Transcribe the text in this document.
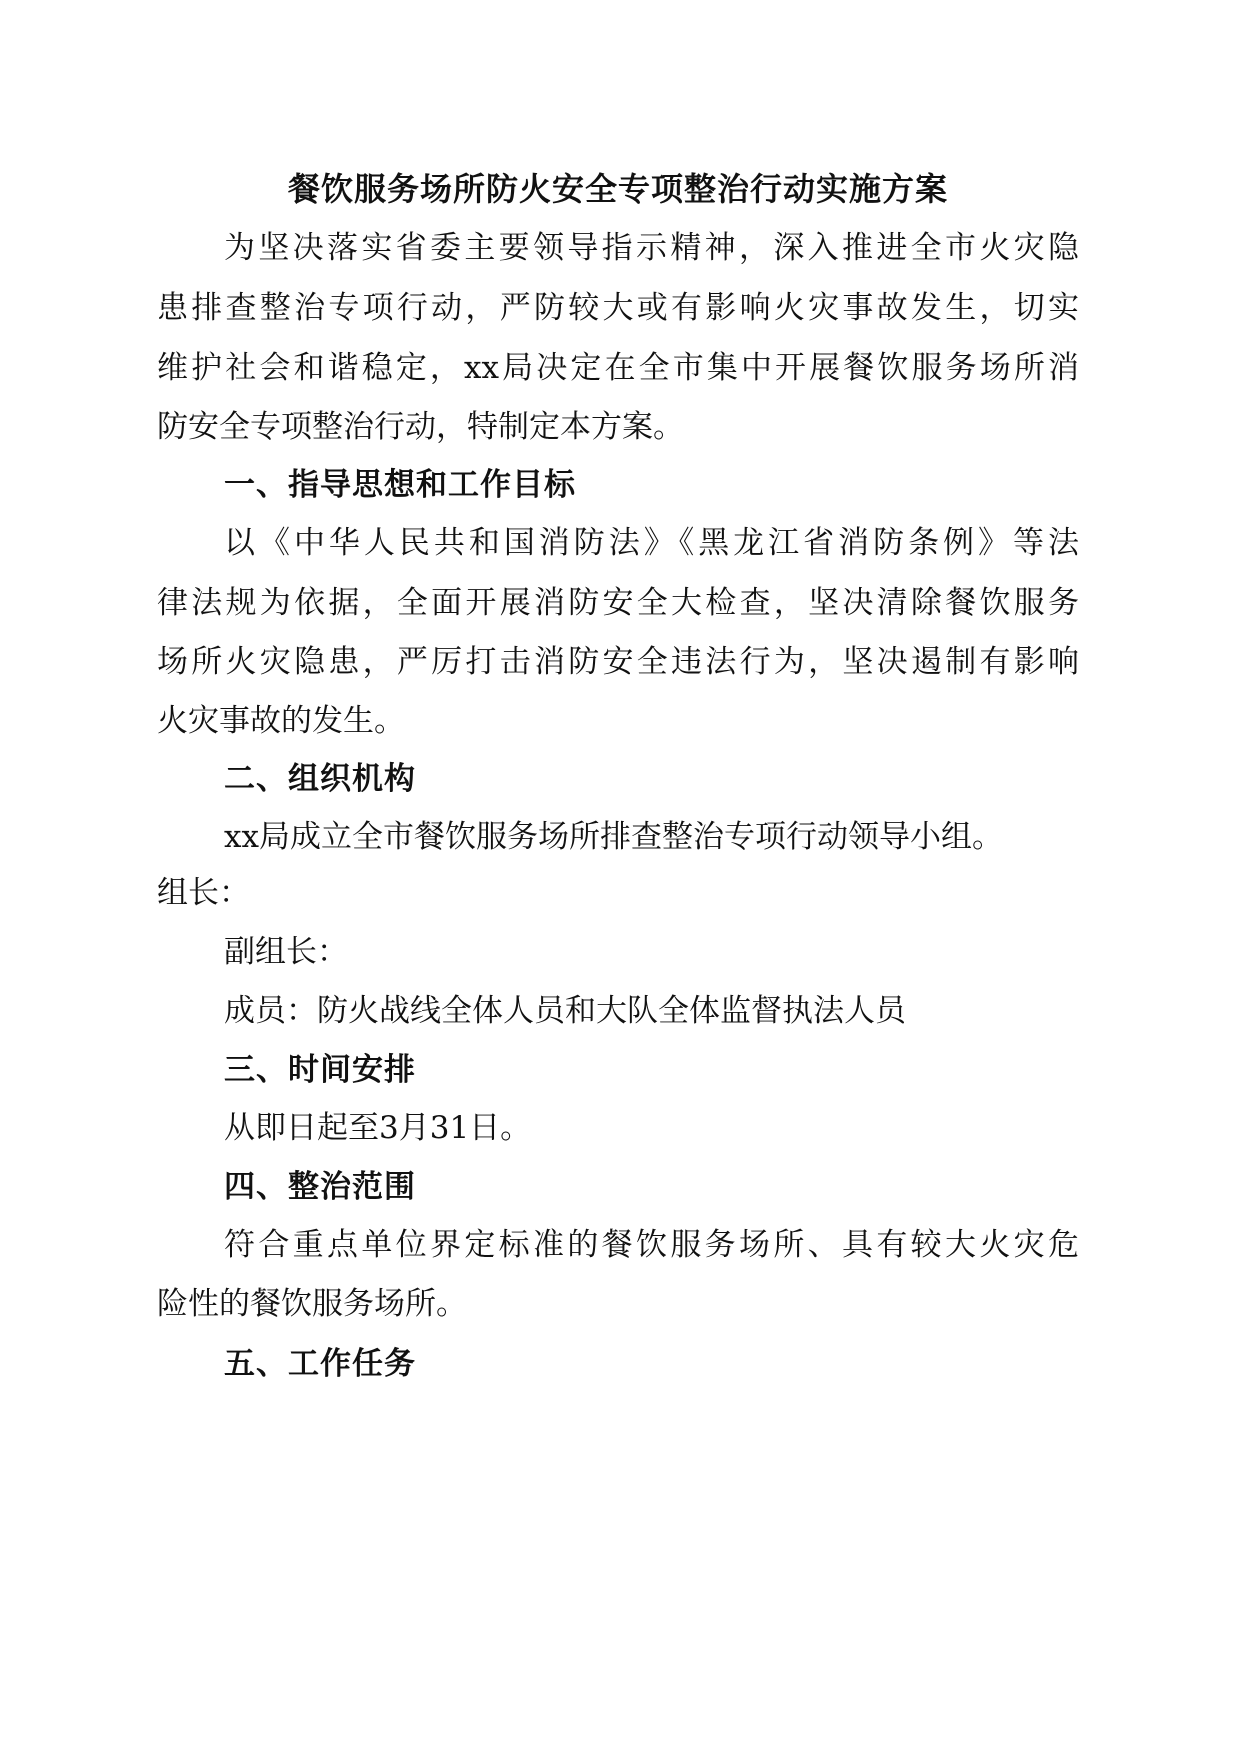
餐饮服务场所防火安全专项整治行动实施方案

为坚决落实省委主要领导指示精神，深入推进全市火灾隐

患排查整治专项行动，严防较大或有影响火灾事故发生，切实

维护社会和谐稳定，xx局决定在全市集中开展餐饮服务场所消

防安全专项整治行动，特制定本方案。

一、指导思想和工作目标

以《中华人民共和国消防法》《黑龙江省消防条例》等法

律法规为依据，全面开展消防安全大检查，坚决清除餐饮服务

场所火灾隐患，严厉打击消防安全违法行为，坚决遏制有影响

火灾事故的发生。

二、组织机构

xx局成立全市餐饮服务场所排查整治专项行动领导小组。

组长：

副组长：

成员：防火战线全体人员和大队全体监督执法人员

三、时间安排

从即日起至3月31日。

四、整治范围

符合重点单位界定标准的餐饮服务场所、具有较大火灾危

险性的餐饮服务场所。

五、工作任务
